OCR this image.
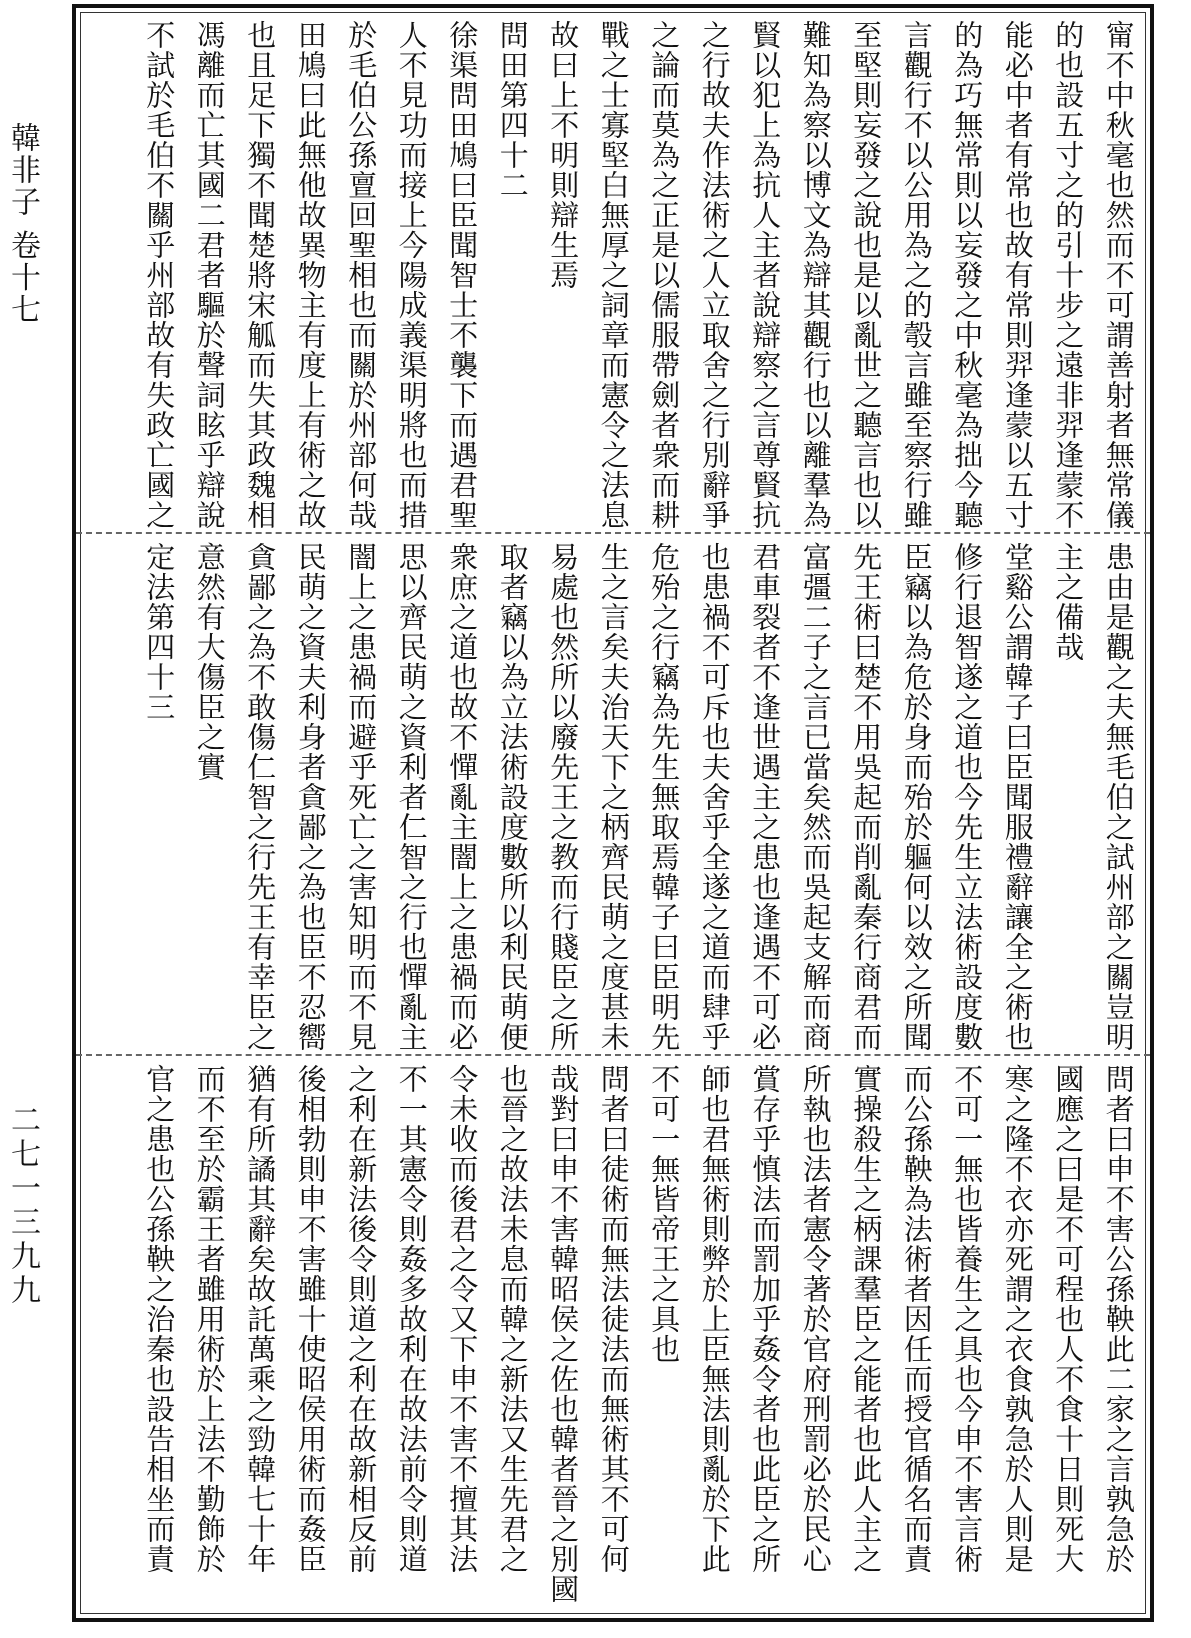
韓非子 卷十七
二七一三九九
甯不中秋毫也然而不可謂善射者無常儀
的也設五寸之的引十步之遠非羿逢蒙不
能必中者有常也故有常則羿逢蒙以五寸
的為巧無常則以妄發之中秋毫為拙今聽
言觀行不以公用為之的彀言雖至察行雖
至堅則妄發之說也是以亂世之聽言也以
難知為察以博文為辯其觀行也以離羣為
賢以犯上為抗人主者說辯察之言尊賢抗
之行故夫作法術之人立取舍之行別辭爭
之論而莫為之正是以儒服帶劍者衆而耕
戰之士寡堅白無厚之詞章而憲令之法息
故曰上不明則辯生焉
問田第四十二
徐渠問田鳩曰臣聞智士不襲下而遇君聖
人不見功而接上今陽成義渠明將也而措
於毛伯公孫亶回聖相也而關於州部何哉
田鳩曰此無他故異物主有度上有術之故
也且足下獨不聞楚將宋觚而失其政魏相
馮離而亡其國二君者驅於聲詞眩乎辯說
不試於毛伯不關乎州部故有失政亡國之
患由是觀之夫無毛伯之試州部之關豈明
主之備哉
堂谿公謂韓子曰臣聞服禮辭讓全之術也
修行退智遂之道也今先生立法術設度數
臣竊以為危於身而殆於軀何以效之所聞
先王術曰楚不用吳起而削亂秦行商君而
富彊二子之言已當矣然而吳起支解而商
君車裂者不逢世遇主之患也逢遇不可必
也患禍不可斥也夫舍乎全遂之道而肆乎
危殆之行竊為先生無取焉韓子曰臣明先
生之言矣夫治天下之柄齊民萌之度甚未
易處也然所以廢先王之教而行賤臣之所
取者竊以為立法術設度數所以利民萌便
衆庶之道也故不憚亂主闇上之患禍而必
思以齊民萌之資利者仁智之行也憚亂主
闇上之患禍而避乎死亡之害知明而不見
民萌之資夫利身者貪鄙之為也臣不忍嚮
貪鄙之為不敢傷仁智之行先王有幸臣之
意然有大傷臣之實
定法第四十三
問者曰申不害公孫鞅此二家之言孰急於
國應之曰是不可程也人不食十日則死大
寒之隆不衣亦死謂之衣食孰急於人則是
不可一無也皆養生之具也今申不害言術
而公孫鞅為法術者因任而授官循名而責
實操殺生之柄課羣臣之能者也此人主之
所執也法者憲令著於官府刑罰必於民心
賞存乎慎法而罰加乎姦令者也此臣之所
師也君無術則弊於上臣無法則亂於下此
不可一無皆帝王之具也
問者曰徒術而無法徒法而無術其不可何
哉對曰申不害韓昭侯之佐也韓者晉之別國
也晉之故法未息而韓之新法又生先君之
令未收而後君之令又下申不害不擅其法
不一其憲令則姦多故利在故法前令則道
之利在新法後令則道之利在故新相反前
後相勃則申不害雖十使昭侯用術而姦臣
猶有所譎其辭矣故託萬乘之勁韓七十年
而不至於霸王者雖用術於上法不勤飾於
官之患也公孫鞅之治秦也設告相坐而責
